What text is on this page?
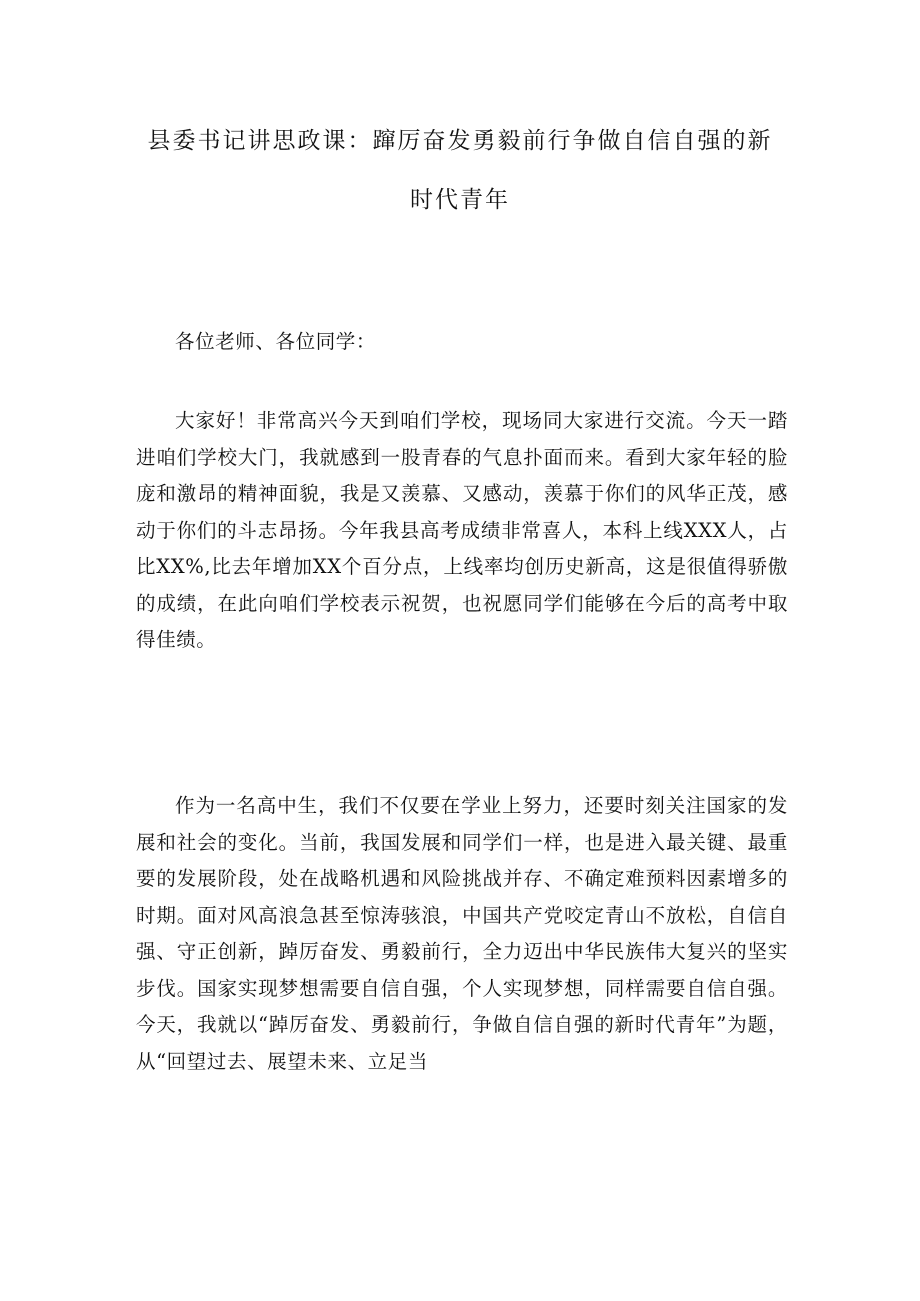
县委书记讲思政课：蹿厉奋发勇毅前行争做自信自强的新
时代青年

各位老师、各位同学：

大家好！非常高兴今天到咱们学校，现场同大家进行交流。今天一踏进咱们学校大门，我就感到一股青春的气息扑面而来。看到大家年轻的脸庞和激昂的精神面貌，我是又羡慕、又感动，羡慕于你们的风华正茂，感动于你们的斗志昂扬。今年我县高考成绩非常喜人，本科上线XXX人，占比XX%,比去年增加XX个百分点，上线率均创历史新高，这是很值得骄傲的成绩，在此向咱们学校表示祝贺，也祝愿同学们能够在今后的高考中取得佳绩。

作为一名高中生，我们不仅要在学业上努力，还要时刻关注国家的发展和社会的变化。当前，我国发展和同学们一样，也是进入最关键、最重要的发展阶段，处在战略机遇和风险挑战并存、不确定难预料因素增多的时期。面对风高浪急甚至惊涛骇浪，中国共产党咬定青山不放松，自信自强、守正创新，踔厉奋发、勇毅前行，全力迈出中华民族伟大复兴的坚实步伐。国家实现梦想需要自信自强，个人实现梦想，同样需要自信自强。今天，我就以“踔厉奋发、勇毅前行，争做自信自强的新时代青年”为题，从“回望过去、展望未来、立足当
